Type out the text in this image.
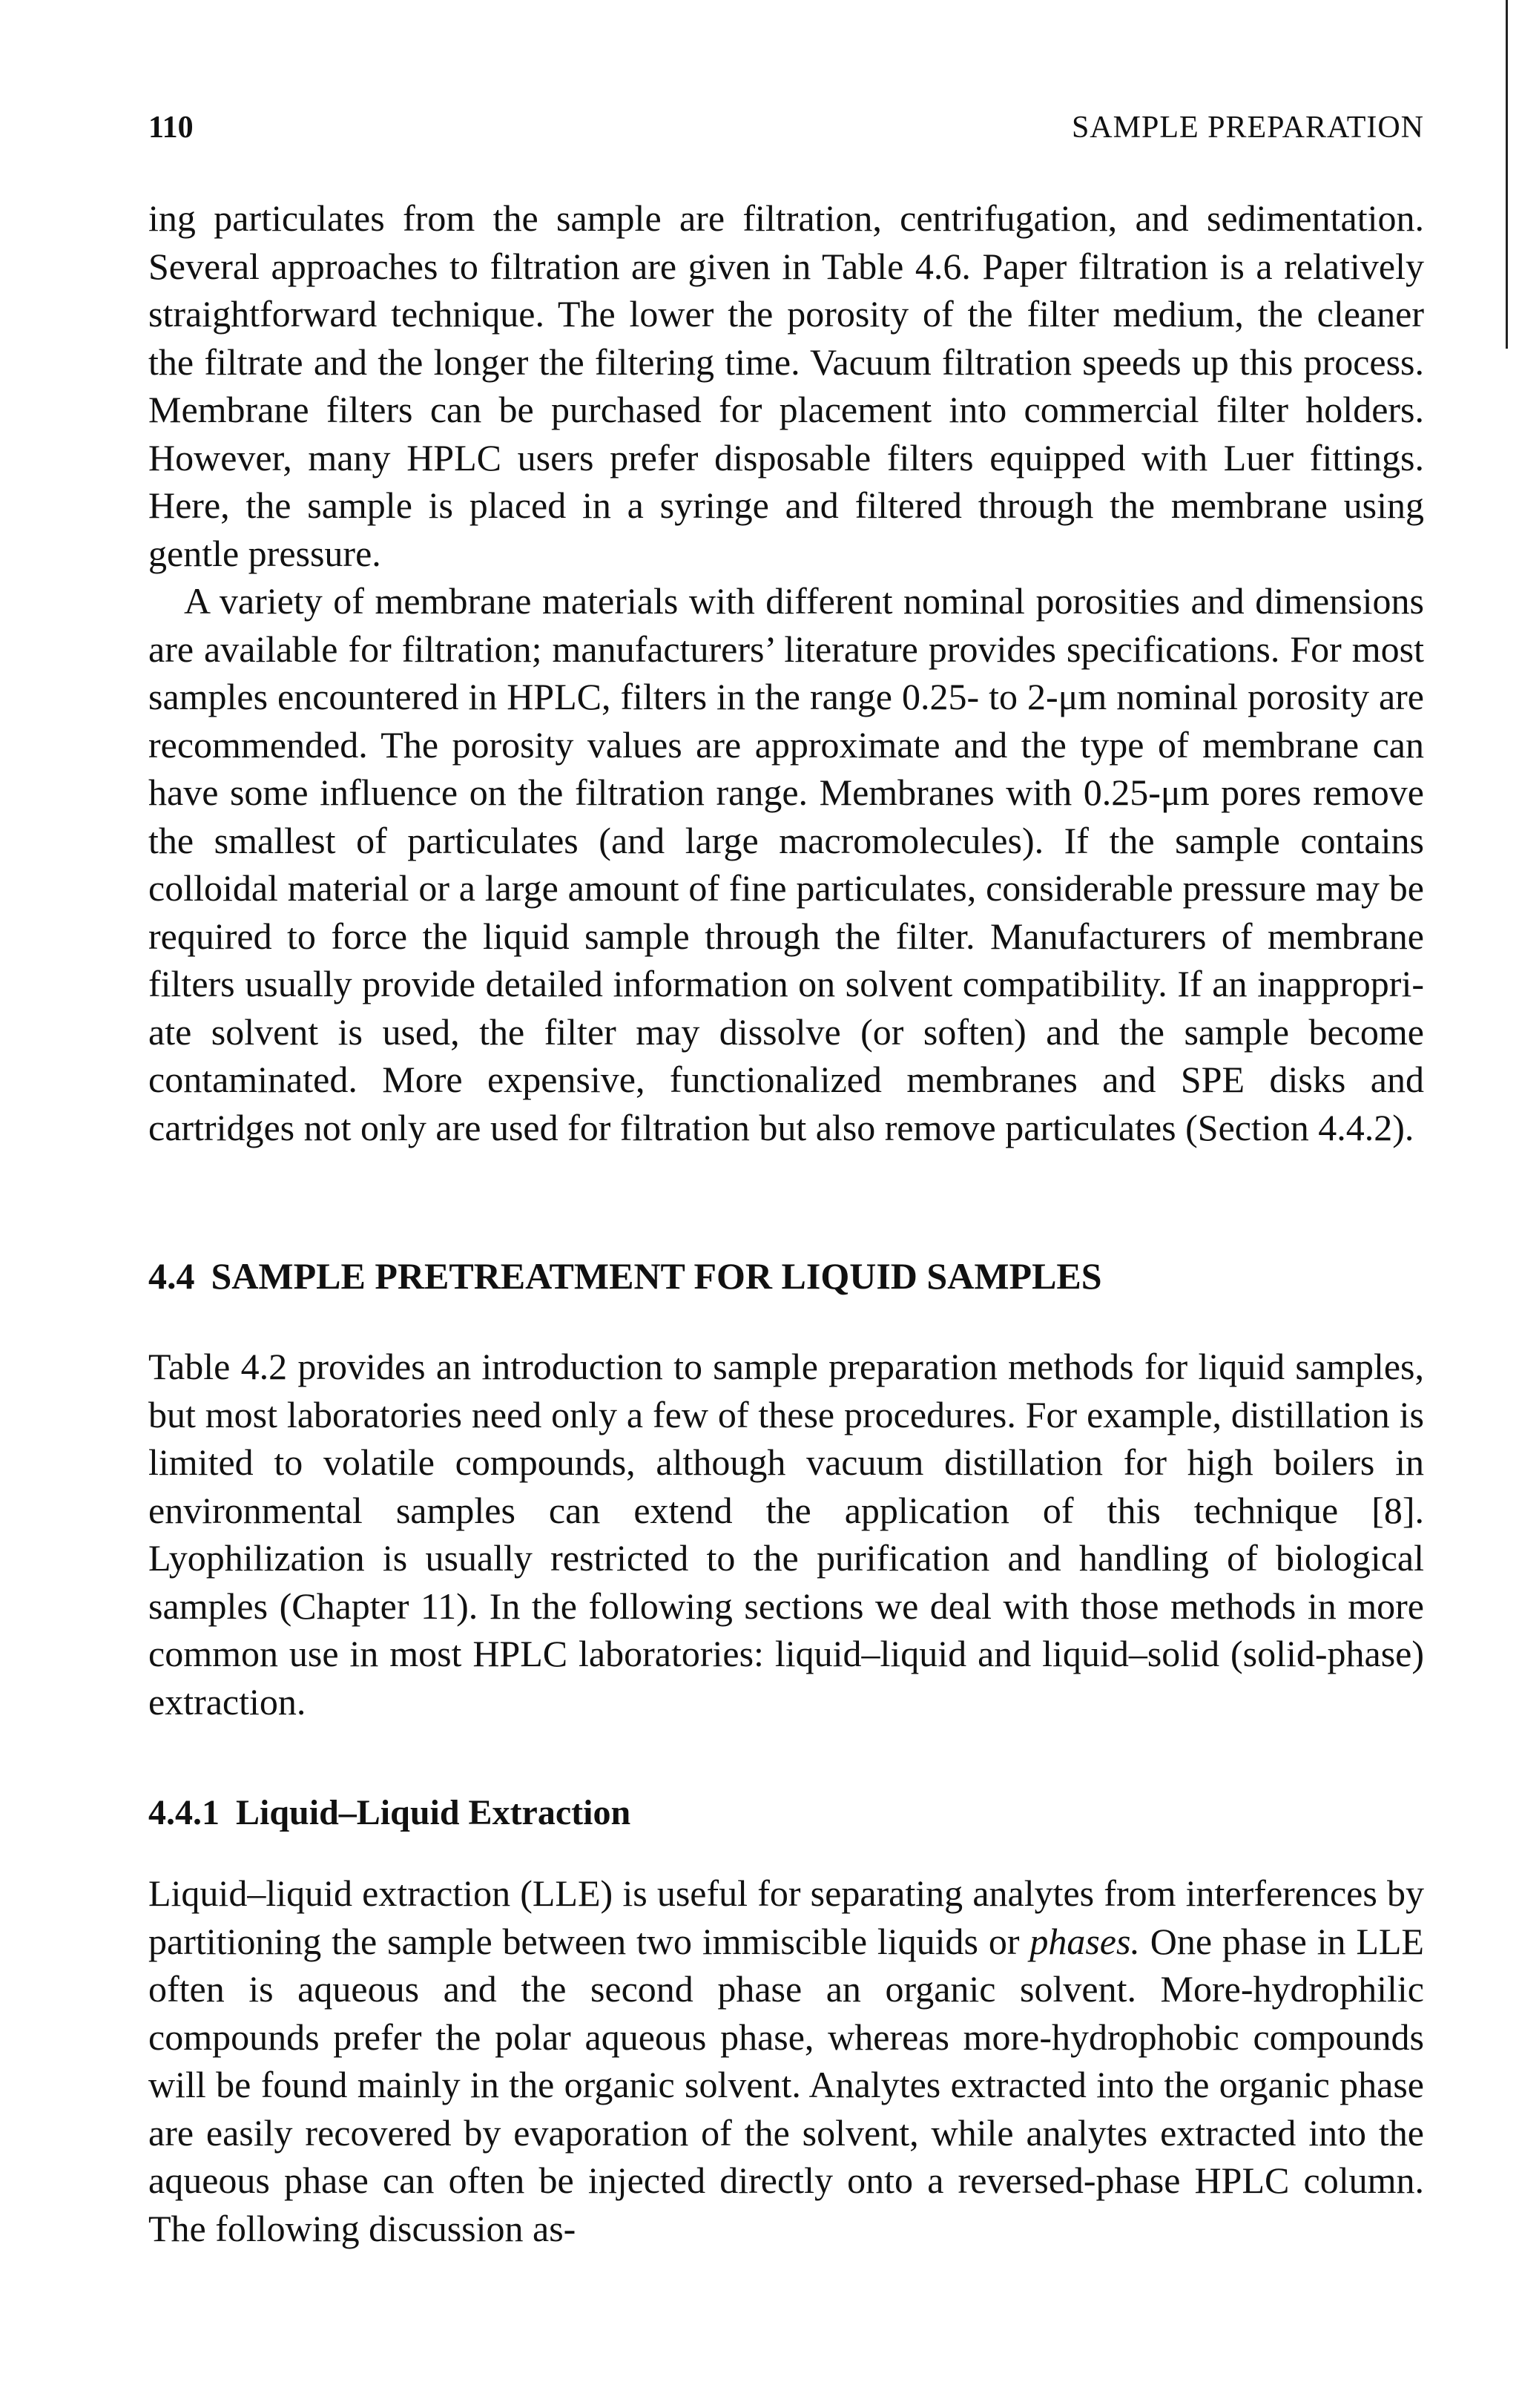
110	SAMPLE PREPARATION

ing particulates from the sample are filtration, centrifugation, and sedimentation. Several approaches to filtration are given in Table 4.6. Paper filtration is a relatively straightforward technique. The lower the porosity of the filter medium, the cleaner the filtrate and the longer the filtering time. Vacuum filtration speeds up this process. Membrane filters can be purchased for placement into commercial filter holders. However, many HPLC users prefer disposable filters equipped with Luer fittings. Here, the sample is placed in a syringe and filtered through the membrane using gentle pressure.

A variety of membrane materials with different nominal porosities and dimensions are available for filtration; manufacturers’ literature provides specifications. For most samples encountered in HPLC, filters in the range 0.25- to 2-μm nominal porosity are recommended. The porosity values are approximate and the type of membrane can have some influence on the filtration range. Membranes with 0.25-μm pores remove the smallest of particulates (and large macromolecules). If the sample contains colloidal material or a large amount of fine particulates, considerable pressure may be required to force the liquid sample through the filter. Manufacturers of membrane filters usually provide detailed information on solvent compatibility. If an inappropriate solvent is used, the filter may dissolve (or soften) and the sample become contaminated. More expensive, functionalized membranes and SPE disks and cartridges not only are used for filtration but also remove particulates (Section 4.4.2).

4.4 SAMPLE PRETREATMENT FOR LIQUID SAMPLES

Table 4.2 provides an introduction to sample preparation methods for liquid samples, but most laboratories need only a few of these procedures. For example, distillation is limited to volatile compounds, although vacuum distillation for high boilers in environmental samples can extend the application of this technique [8]. Lyophilization is usually restricted to the purification and handling of biological samples (Chapter 11). In the following sections we deal with those methods in more common use in most HPLC laboratories: liquid–liquid and liquid–solid (solid-phase) extraction.

4.4.1 Liquid–Liquid Extraction

Liquid–liquid extraction (LLE) is useful for separating analytes from interferences by partitioning the sample between two immiscible liquids or phases. One phase in LLE often is aqueous and the second phase an organic solvent. More-hydrophilic compounds prefer the polar aqueous phase, whereas more-hydrophobic compounds will be found mainly in the organic solvent. Analytes extracted into the organic phase are easily recovered by evaporation of the solvent, while analytes extracted into the aqueous phase can often be injected directly onto a reversed-phase HPLC column. The following discussion as-
